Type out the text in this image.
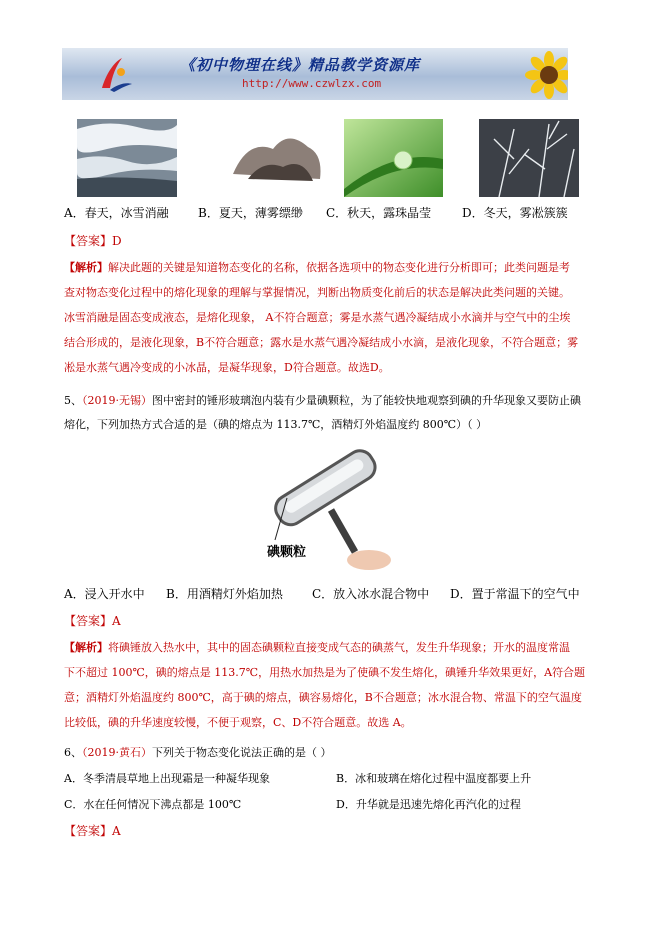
《初中物理在线》精品教学资源库
http://www.czwlzx.com
A．春天，冰雪消融 B．夏天，薄雾缥缈 C．秋天，露珠晶莹	D．冬天，雾凇簇簇
【答案】D
【解析】解决此题的关键是知道物态变化的名称，依据各选项中的物态变化进行分析即可；此类问题是考
查对物态变化过程中的熔化现象的理解与掌握情况，判断出物质变化前后的状态是解决此类问题的关键。
冰雪消融是固态变成液态，是熔化现象， A不符合题意；雾是水蒸气遇冷凝结成小水滴并与空气中的尘埃
结合形成的，是液化现象，B不符合题意；露水是水蒸气遇冷凝结成小水滴，是液化现象，不符合题意；雾
凇是水蒸气遇冷变成的小冰晶，是凝华现象，D符合题意。故选D。
5、（2019·无锡）图中密封的锤形玻璃泡内装有少量碘颗粒，为了能较快地观察到碘的升华现象又要防止碘
熔化，下列加热方式合适的是（碘的熔点为 113.7℃，酒精灯外焰温度约 800℃）（ ）
碘颗粒
A．浸入开水中 B．用酒精灯外焰加热 C．放入冰水混合物中 D．置于常温下的空气中
【答案】A
【解析】将碘锤放入热水中，其中的固态碘颗粒直接变成气态的碘蒸气，发生升华现象；开水的温度常温
下不超过 100℃，碘的熔点是 113.7℃，用热水加热是为了使碘不发生熔化，碘锤升华效果更好，A符合题
意；酒精灯外焰温度约 800℃，高于碘的熔点，碘容易熔化，B不合题意；冰水混合物、常温下的空气温度
比较低，碘的升华速度较慢，不便于观察，C、D不符合题意。故选 A。
6、（2019·黄石）下列关于物态变化说法正确的是（ ）
A．冬季清晨草地上出现霜是一种凝华现象	B．冰和玻璃在熔化过程中温度都要上升
C．水在任何情况下沸点都是 100℃	D．升华就是迅速先熔化再汽化的过程
【答案】A
